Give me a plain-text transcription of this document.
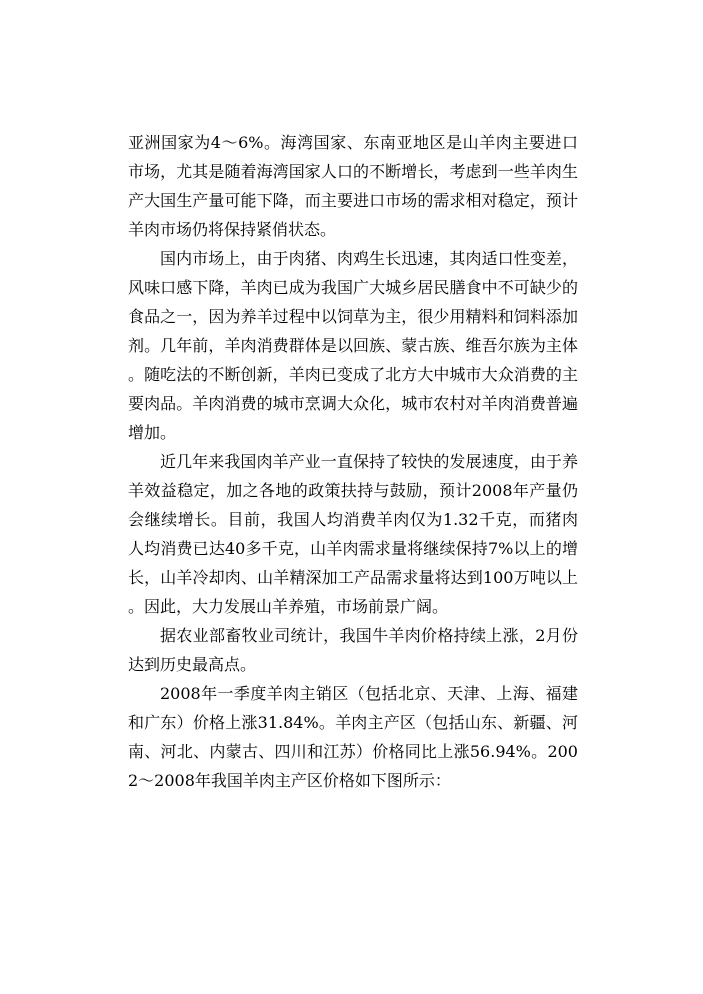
亚洲国家为4～6%。海湾国家、东南亚地区是山羊肉主要进口市场，尤其是随着海湾国家人口的不断增长，考虑到一些羊肉生产大国生产量可能下降，而主要进口市场的需求相对稳定，预计羊肉市场仍将保持紧俏状态。

国内市场上，由于肉猪、肉鸡生长迅速，其肉适口性变差，风味口感下降，羊肉已成为我国广大城乡居民膳食中不可缺少的食品之一，因为养羊过程中以饲草为主，很少用精料和饲料添加剂。几年前，羊肉消费群体是以回族、蒙古族、维吾尔族为主体。随吃法的不断创新，羊肉已变成了北方大中城市大众消费的主要肉品。羊肉消费的城市烹调大众化，城市农村对羊肉消费普遍增加。

近几年来我国肉羊产业一直保持了较快的发展速度，由于养羊效益稳定，加之各地的政策扶持与鼓励，预计2008年产量仍会继续增长。目前，我国人均消费羊肉仅为1.32千克，而猪肉人均消费已达40多千克，山羊肉需求量将继续保持7%以上的增长，山羊冷却肉、山羊精深加工产品需求量将达到100万吨以上。因此，大力发展山羊养殖，市场前景广阔。

据农业部畜牧业司统计，我国牛羊肉价格持续上涨，2月份达到历史最高点。

2008年一季度羊肉主销区（包括北京、天津、上海、福建和广东）价格上涨31.84%。羊肉主产区（包括山东、新疆、河南、河北、内蒙古、四川和江苏）价格同比上涨56.94%。2002～2008年我国羊肉主产区价格如下图所示：
